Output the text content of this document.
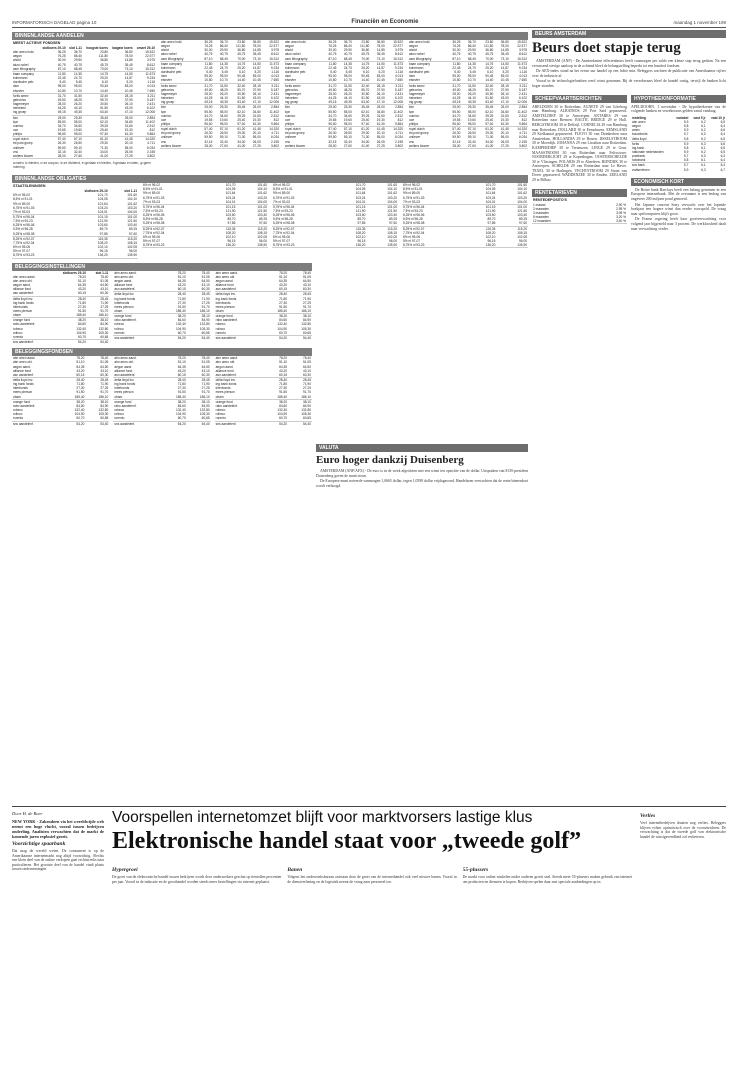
INFORMATORISCH DAGBLAD pagina 10	Financiën en Economie	maandag 1 november 199
BINNENLANDSE AANDELEN
MEEST ACTIEVE FONDSEN
	slotkoers 29-10	slot 1-11	hoogste koers	laagste koers	omzet 29-10
abn amro hold.	36,25	36,70	23,80	36,80	15.522
aegon	76,25	86,40	111,80	78,00	22.577
ahold	30,00	29,90	36,80	14,85	3.975
akzo nobel	40,75	40,75	45,75	35,45	8.612
asm lithography	87,10	68,45	70,00	73,10	15.312
baan company	11,80	14,35	14,75	14,50	11.573
buhrmann	22,45	24,70	25,20	14,87	9.234
dordtsche petr.	5,40	5,45	6,10	5,20	1.116
dsm	95,00	95,00	90,45	83,00	4.013
elsevier	10,80	10,70	14,40	10,45	7.650
fortis amev	31,70	31,50	32,40	28,15	3.211
getronics	49,50	48,25	55,70	37,90	5.187
hagemeyer	28,00	26,20	30,50	26,10	2.431
heineken	44,25	44,10	51,50	43,00	6.102
ing groep	49,15	49,35	63,40	47,10	12.006
klm	25,00	25,30	35,45	25,00	2.854
kpn	55,50	55,00	62,10	34,80	11.402
numico	34,70	34,60	39,25	31,60	2.512
oce	19,65	19,60	25,40	19,30	812
philips	96,60	95,00	97,40	61,30	9.864
royal dutch	57,40	57,10	61,20	41,45	14.320
tnt post groep	26,30	26,50	29,30	20,10	4.711
unilever	59,50	59,10	71,30	55,00	6.034
vnu	32,15	32,40	34,00	26,05	2.155
wolters kluwer	28,00	27,60	41,00	27,25	3.802
a=laten, b=bieden, c=ex coupon, d=ex dividend, e=gedaan en bieden, f=gedaan en laten, g=geen notering.
abn amro hold.	36,25	36,70	23,80	36,80	15.522
aegon	76,25	86,40	111,80	78,00	22.577
ahold	30,00	29,90	36,80	14,85	3.975
akzo nobel	40,75	40,75	45,75	35,45	8.612
asm lithography	87,10	68,45	70,00	73,10	15.312
baan company	11,80	14,35	14,75	14,50	11.573
buhrmann	22,45	24,70	25,20	14,87	9.234
dordtsche petr.	5,40	5,45	6,10	5,20	1.116
dsm	95,00	95,00	90,45	83,00	4.013
elsevier	10,80	10,70	14,40	10,45	7.650
fortis amev	31,70	31,50	32,40	28,15	3.211
getronics	49,50	48,25	55,70	37,90	5.187
hagemeyer	28,00	26,20	30,50	26,10	2.431
heineken	44,25	44,10	51,50	43,00	6.102
ing groep	49,15	49,35	63,40	47,10	12.006
klm	25,00	25,30	35,45	25,00	2.854
kpn	55,50	55,00	62,10	34,80	11.402
numico	34,70	34,60	39,25	31,60	2.512
oce	19,65	19,60	25,40	19,30	812
philips	96,60	95,00	97,40	61,30	9.864
royal dutch	57,40	57,10	61,20	41,45	14.320
tnt post groep	26,30	26,50	29,30	20,10	4.711
unilever	59,50	59,10	71,30	55,00	6.034
vnu	32,15	32,40	34,00	26,05	2.155
wolters kluwer	28,00	27,60	41,00	27,25	3.802
abn amro hold.	36,25	36,70	23,80	36,80	15.522
aegon	76,25	86,40	111,80	78,00	22.577
ahold	30,00	29,90	36,80	14,85	3.975
akzo nobel	40,75	40,75	45,75	35,45	8.612
asm lithography	87,10	68,45	70,00	73,10	15.312
baan company	11,80	14,35	14,75	14,50	11.573
buhrmann	22,45	24,70	25,20	14,87	9.234
dordtsche petr.	5,40	5,45	6,10	5,20	1.116
dsm	95,00	95,00	90,45	83,00	4.013
elsevier	10,80	10,70	14,40	10,45	7.650
fortis amev	31,70	31,50	32,40	28,15	3.211
getronics	49,50	48,25	55,70	37,90	5.187
hagemeyer	28,00	26,20	30,50	26,10	2.431
heineken	44,25	44,10	51,50	43,00	6.102
ing groep	49,15	49,35	63,40	47,10	12.006
klm	25,00	25,30	35,45	25,00	2.854
kpn	55,50	55,00	62,10	34,80	11.402
numico	34,70	34,60	39,25	31,60	2.512
oce	19,65	19,60	25,40	19,30	812
philips	96,60	95,00	97,40	61,30	9.864
royal dutch	57,40	57,10	61,20	41,45	14.320
tnt post groep	26,30	26,50	29,30	20,10	4.711
unilever	59,50	59,10	71,30	55,00	6.034
vnu	32,15	32,40	34,00	26,05	2.155
wolters kluwer	28,00	27,60	41,00	27,25	3.802
abn amro hold.	36,25	36,70	23,80	36,80	15.522
aegon	76,25	86,40	111,80	78,00	22.577
ahold	30,00	29,90	36,80	14,85	3.975
akzo nobel	40,75	40,75	45,75	35,45	8.612
asm lithography	87,10	68,45	70,00	73,10	15.312
baan company	11,80	14,35	14,75	14,50	11.573
buhrmann	22,45	24,70	25,20	14,87	9.234
dordtsche petr.	5,40	5,45	6,10	5,20	1.116
dsm	95,00	95,00	90,45	83,00	4.013
elsevier	10,80	10,70	14,40	10,45	7.650
fortis amev	31,70	31,50	32,40	28,15	3.211
getronics	49,50	48,25	55,70	37,90	5.187
hagemeyer	28,00	26,20	30,50	26,10	2.431
heineken	44,25	44,10	51,50	43,00	6.102
ing groep	49,15	49,35	63,40	47,10	12.006
klm	25,00	25,30	35,45	25,00	2.854
kpn	55,50	55,00	62,10	34,80	11.402
numico	34,70	34,60	39,25	31,60	2.512
oce	19,65	19,60	25,40	19,30	812
philips	96,60	95,00	97,40	61,30	9.864
royal dutch	57,40	57,10	61,20	41,45	14.320
tnt post groep	26,30	26,50	29,30	20,10	4.711
unilever	59,50	59,10	71,30	55,00	6.034
vnu	32,15	32,40	34,00	26,05	2.155
wolters kluwer	28,00	27,60	41,00	27,25	3.802
BINNENLANDSE OBLIGATIES
STAATSLENINGEN
	slotkoers 29-10	slot 1-11
6% nl 96-02	101,70	101,60
8,5% nl 91-01	104,05	104,10
9% nl 89-00	101,64	101,62
6,75% nl 91-03	103,24	103,20
7% nl 93-03	104,01	104,00
5,75% nl 96-04	101,15	101,00
7,5% nl 93-23	121,90	121,50
6,25% nl 96-06	103,60	103,40
5,5% nl 98-28	89,70	89,25
5,25% nl 98-08	97,85	97,60
8,25% nl 92-07	115,35	115,20
7,75% nl 92-04	108,20	108,15
6% nl 95-06	102,10	102,05
5% nl 97-07	96,15	96,00
8,75% nl 93-23	136,20	135,90
6% nl 96-02	101,70	101,60
8,5% nl 91-01	104,05	104,10
9% nl 89-00	101,64	101,62
6,75% nl 91-03	103,24	103,20
7% nl 93-03	104,01	104,00
5,75% nl 96-04	101,15	101,00
7,5% nl 93-23	121,90	121,50
6,25% nl 96-06	103,60	103,40
5,5% nl 98-28	89,70	89,25
5,25% nl 98-08	97,85	97,60
8,25% nl 92-07	115,35	115,20
7,75% nl 92-04	108,20	108,15
6% nl 95-06	102,10	102,05
5% nl 97-07	96,15	96,00
8,75% nl 93-23	136,20	135,90
6% nl 96-02	101,70	101,60
8,5% nl 91-01	104,05	104,10
9% nl 89-00	101,64	101,62
6,75% nl 91-03	103,24	103,20
7% nl 93-03	104,01	104,00
5,75% nl 96-04	101,15	101,00
7,5% nl 93-23	121,90	121,50
6,25% nl 96-06	103,60	103,40
5,5% nl 98-28	89,70	89,25
5,25% nl 98-08	97,85	97,60
8,25% nl 92-07	115,35	115,20
7,75% nl 92-04	108,20	108,15
6% nl 95-06	102,10	102,05
5% nl 97-07	96,15	96,00
8,75% nl 93-23	136,20	135,90
6% nl 96-02	101,70	101,60
8,5% nl 91-01	104,05	104,10
9% nl 89-00	101,64	101,62
6,75% nl 91-03	103,24	103,20
7% nl 93-03	104,01	104,00
5,75% nl 96-04	101,15	101,00
7,5% nl 93-23	121,90	121,50
6,25% nl 96-06	103,60	103,40
5,5% nl 98-28	89,70	89,25
5,25% nl 98-08	97,85	97,60
8,25% nl 92-07	115,35	115,20
7,75% nl 92-04	108,20	108,15
6% nl 95-06	102,10	102,05
5% nl 97-07	96,15	96,00
8,75% nl 93-23	136,20	135,90
BELEGGINGSINSTELLINGEN
	slotkoers 29-10	slot 1-11
abn amro aand.	78,20	78,40
abn amro obl.	51,10	51,05
aegon aand.	64,35	64,50
alliance fund	43,20	43,10
asn aandelenf.	60,15	60,30
delta lloyd inv.	28,40	28,45
ing bank fonds	71,80	71,90
interbonds	27,30	27,25
mees pierson	91,50	91,70
obam	185,40	186,10
orange fund	38,20	38,10
rabo aandelenf.	84,60	84,90
robeco	132,40	132,80
rolinco	104,90	105,30
rorento	60,70	60,65
sns aandelenf.	54,20	54,40
abn amro aand.	78,20	78,40
abn amro obl.	51,10	51,05
aegon aand.	64,35	64,50
alliance fund	43,20	43,10
asn aandelenf.	60,15	60,30
delta lloyd inv.	28,40	28,45
ing bank fonds	71,80	71,90
interbonds	27,30	27,25
mees pierson	91,50	91,70
obam	185,40	186,10
orange fund	38,20	38,10
rabo aandelenf.	84,60	84,90
robeco	132,40	132,80
rolinco	104,90	105,30
rorento	60,70	60,65
sns aandelenf.	54,20	54,40
abn amro aand.	78,20	78,40
abn amro obl.	51,10	51,05
aegon aand.	64,35	64,50
alliance fund	43,20	43,10
asn aandelenf.	60,15	60,30
delta lloyd inv.	28,40	28,45
ing bank fonds	71,80	71,90
interbonds	27,30	27,25
mees pierson	91,50	91,70
obam	185,40	186,10
orange fund	38,20	38,10
rabo aandelenf.	84,60	84,90
robeco	132,40	132,80
rolinco	104,90	105,30
rorento	60,70	60,65
sns aandelenf.	54,20	54,40
BELEGGINGSFONDSEN
abn amro aand.	78,20	78,40
abn amro obl.	51,10	51,05
aegon aand.	64,35	64,50
alliance fund	43,20	43,10
asn aandelenf.	60,15	60,30
delta lloyd inv.	28,40	28,45
ing bank fonds	71,80	71,90
interbonds	27,30	27,25
mees pierson	91,50	91,70
obam	185,40	186,10
orange fund	38,20	38,10
rabo aandelenf.	84,60	84,90
robeco	132,40	132,80
rolinco	104,90	105,30
rorento	60,70	60,65
sns aandelenf.	54,20	54,40
abn amro aand.	78,20	78,40
abn amro obl.	51,10	51,05
aegon aand.	64,35	64,50
alliance fund	43,20	43,10
asn aandelenf.	60,15	60,30
delta lloyd inv.	28,40	28,45
ing bank fonds	71,80	71,90
interbonds	27,30	27,25
mees pierson	91,50	91,70
obam	185,40	186,10
orange fund	38,20	38,10
rabo aandelenf.	84,60	84,90
robeco	132,40	132,80
rolinco	104,90	105,30
rorento	60,70	60,65
sns aandelenf.	54,20	54,40
abn amro aand.	78,20	78,40
abn amro obl.	51,10	51,05
aegon aand.	64,35	64,50
alliance fund	43,20	43,10
asn aandelenf.	60,15	60,30
delta lloyd inv.	28,40	28,45
ing bank fonds	71,80	71,90
interbonds	27,30	27,25
mees pierson	91,50	91,70
obam	185,40	186,10
orange fund	38,20	38,10
rabo aandelenf.	84,60	84,90
robeco	132,40	132,80
rolinco	104,90	105,30
rorento	60,70	60,65
sns aandelenf.	54,20	54,40
VALUTA
Euro hoger dankzij Duisenberg

AMSTERDAM (ANP/AFX) - De euro is in de week afgesloten met een winst ten opzichte van de dollar. Uitspraken van ECB-president Duisenberg gaven de munt steun.

De Europese munt noteerde vanmorgen 1,0665 dollar, tegen 1,0598 dollar vrijdagavond. Handelaren verwachten dat de rente binnenkort wordt verhoogd.

BEURS AMSTERDAM
Beurs doet stapje terug

AMSTERDAM (ANP) - De Amsterdamse effectenbeurs heeft vanmorgen per saldo een kleine stap terug gedaan. Na een verrassend stevige aanloop in de ochtend bleef de belangstelling beperkt tot een handvol fondsen.

De AEX-index stond na het eerste uur handel op een lichte min. Beleggers wachten de publicatie van Amerikaanse cijfers over de industrie af.

Vooral in de technologiefondsen werd winst genomen. Bij de verzekeraars bleef de handel rustig, terwijl de banken licht hoger stonden.

SCHEEPVAARTBERICHTEN
ABELDORN 30 te Rotterdam. AGNETE 29 van Göteborg naar Hamburg. ALBATROS 29 Port Said gepasseerd. AMSTELDIEP 30 te Antwerpen. ANTARES 29 van Rotterdam naar Bremen. BALTIC BRIDGE 29 te Hull. BERGSTROOM 30 te Delfzijl. CORNELIA 29 van Hamburg naar Rotterdam. DOLLARD 30 te Eemshaven. EEMSLAND 29 Kielkanaal gepasseerd. FLEVO 30 van Duinkerken naar Amsterdam. HOLLANDIA 29 te Rouen. IJSSELSTROOM 30 te Moerdijk. JOHANNA 29 van Lissabon naar Rotterdam. KAMPERDIEP 30 te Terneuzen. LINGE 29 te Gent. MAASSTROOM 30 van Rotterdam naar Felixstowe. NOORDERLICHT 29 te Kopenhagen. OOSTERSCHELDE 30 te Vlissingen. POLARIS 29 te Aberdeen. RIJNDIJK 30 te Antwerpen. SCHELDE 29 van Rotterdam naar Le Havre. TEXEL 30 te Harlingen. VECHTSTROOM 29 Straat van Dover gepasseerd. WADDENZEE 30 te Emden. ZEELAND 29 te Bilbao.
RENTETARIEVEN
RENTEDEPOSITO'S
1 maand	2,90 %
2 maanden	2,95 %
3 maanden	3,05 %
6 maanden	3,20 %
12 maanden	3,40 %
HYPOTHEEKINFORMATIE
APELDOORN, 1 november - De hypotheekrente van de volgende banken en verzekeraars gelden vanaf vandaag.
instelling	variabel	vast 5 jr	vast 10 jr
abn amro	5,9	6,2	6,5
aegon	5,8	6,1	6,4
amev	5,9	6,2	6,6
bouwfonds	5,7	6,0	6,4
delta lloyd	5,8	6,2	6,5
fortis	5,9	6,3	6,6
ing bank	5,8	6,1	6,5
nationale nederlanden	5,9	6,2	6,5
postbank	5,7	6,0	6,3
rabobank	5,8	6,1	6,4
sns bank	5,7	6,1	6,4
zwitserleven	5,9	6,3	6,7
ECONOMISCH KORT

De Britse bank Barclays heeft een belang genomen in een Europese internetbank. Met de overname is een bedrag van ongeveer 200 miljoen pond gemoeid.

Het Japanse concern Sony verwacht over het lopende boekjaar een hogere winst dan eerder voorspeld. De vraag naar spelcomputers blijft groot.

De Franse regering heeft haar groeiverwachting voor volgend jaar bijgesteld naar 3 procent. De werkloosheid daalt naar verwachting verder.

Door H. de Boer
NEW YORK - Zakendoen via het wereldwijde web neemt een hoge vlucht, vooral tussen bedrijven onderling. Analisten verwachten dat de markt de komende jaren explosief groeit.
Voorzichtige spaarbank
Dat mag de wereld weten. De consument is op de Amerikaanse internetmarkt nog altijd voorzichtig. Slechts een klein deel van de online verkopen gaat rechtstreeks naar particulieren. Het grootste deel van de handel vindt plaats tussen ondernemingen.
Voorspellen internetomzet blijft voor marktvorsers lastige klus
Elektronische handel staat voor „tweede golf”
Hypergroei
De groei van de elektronische handel tussen bedrijven wordt door onderzoekers geschat op tientallen procenten per jaar. Vooral in de industrie en de groothandel worden steeds meer bestellingen via internet geplaatst.
Banen
Volgens het onderzoeksbureau ontstaan door de groei van de internethandel ook veel nieuwe banen. Vooral in de dienstverlening en de logistiek neemt de vraag naar personeel toe.
55-plussers
De markt voor online winkelen onder ouderen groeit snel. Steeds meer 55-plussers maken gebruik van internet om producten en diensten te kopen. Bedrijven spelen daar met speciale aanbiedingen op in.
Verlies
Veel internetbedrijven draaien nog verlies. Beleggers blijven echter optimistisch over de vooruitzichten. De verwachting is dat de tweede golf van elektronische handel de winstgevendheid zal verbeteren.
